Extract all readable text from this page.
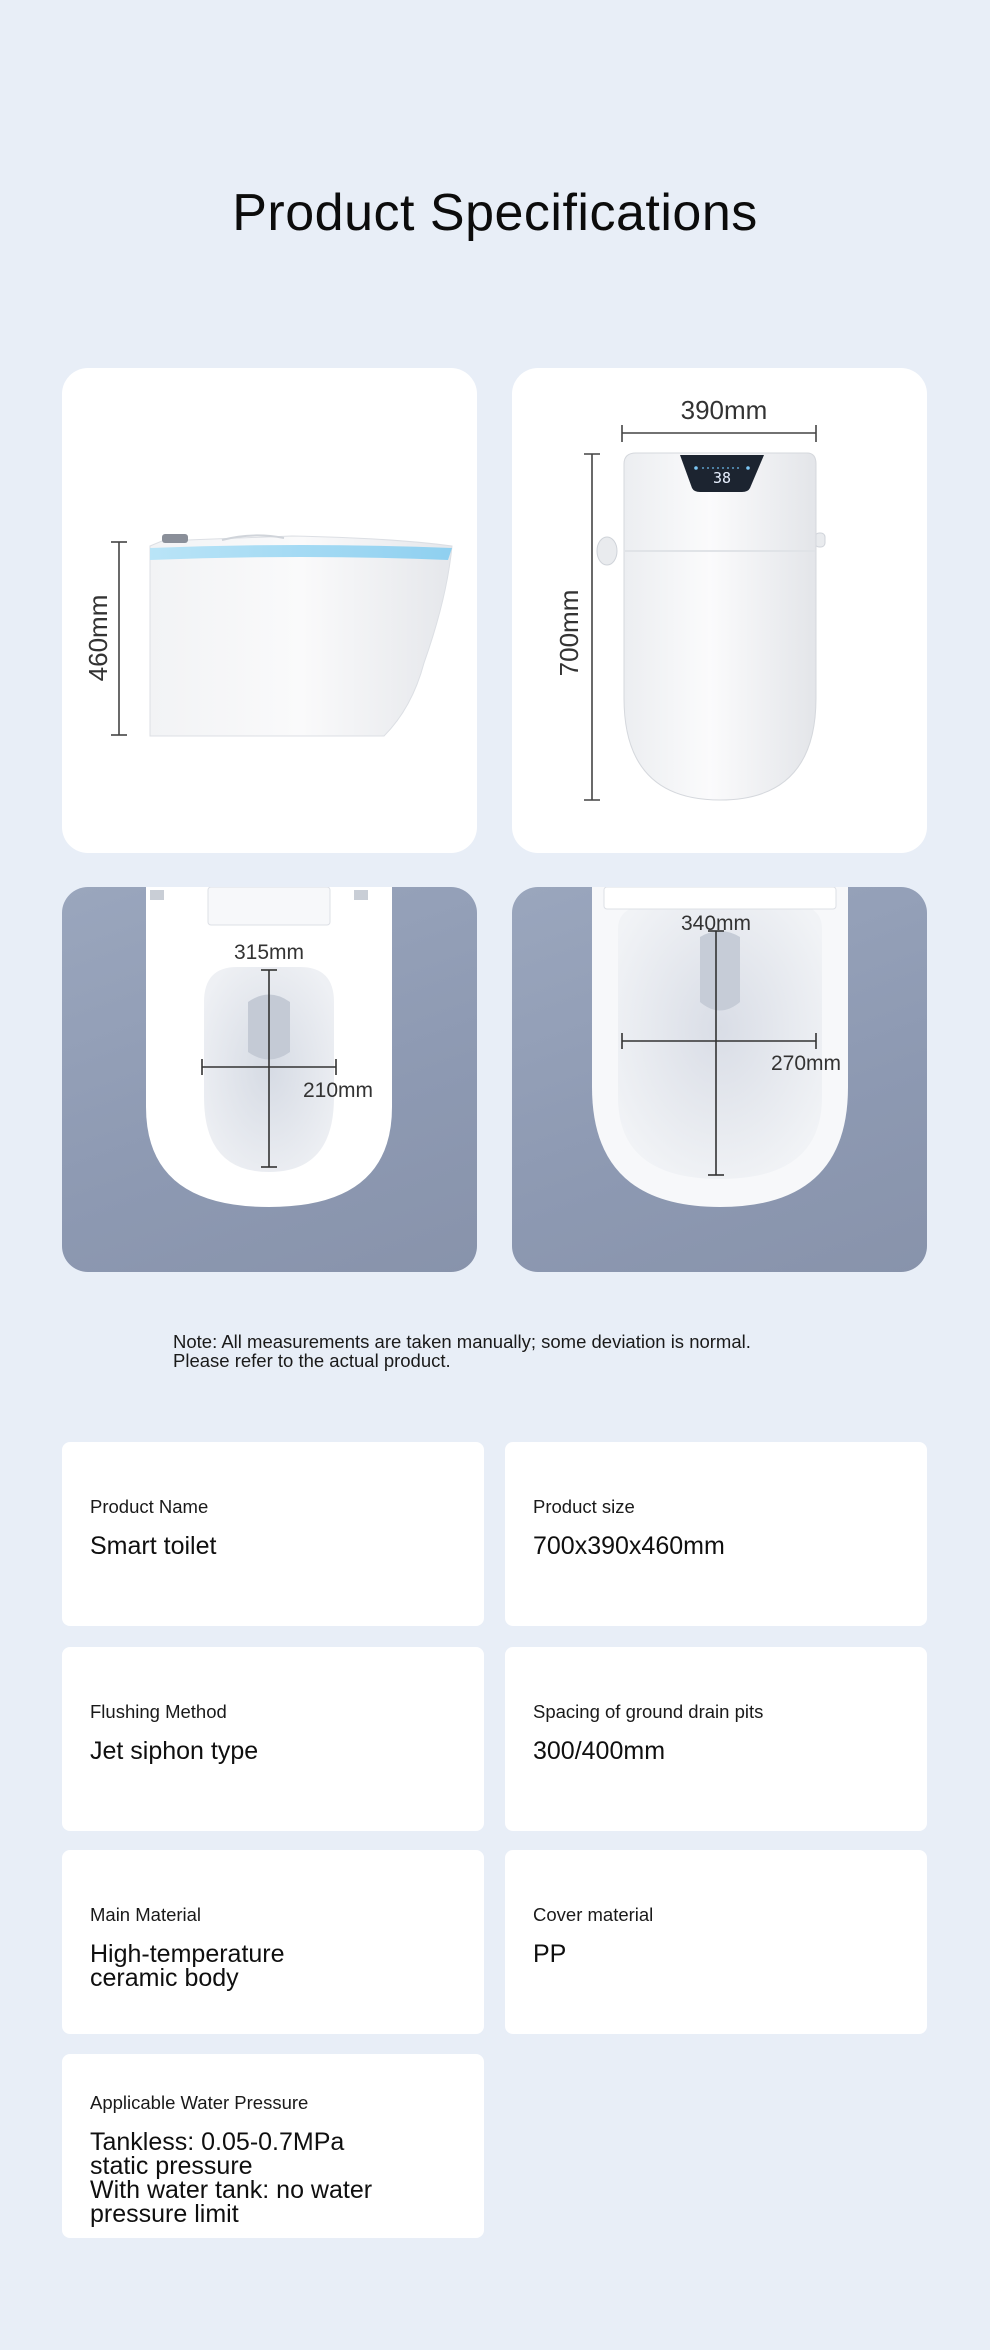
Product Specifications
460mm
390mm
700mm
38
315mm
210mm
340mm
270mm
Note: All measurements are taken manually; some deviation is normal.
Please refer to the actual product.
Product Name
Smart toilet
Product size
700x390x460mm
Flushing Method
Jet siphon type
Spacing of ground drain pits
300/400mm
Main Material
High-temperature
ceramic body
Cover material
PP
Applicable Water Pressure
Tankless: 0.05-0.7MPa
static pressure
With water tank: no water
pressure limit
